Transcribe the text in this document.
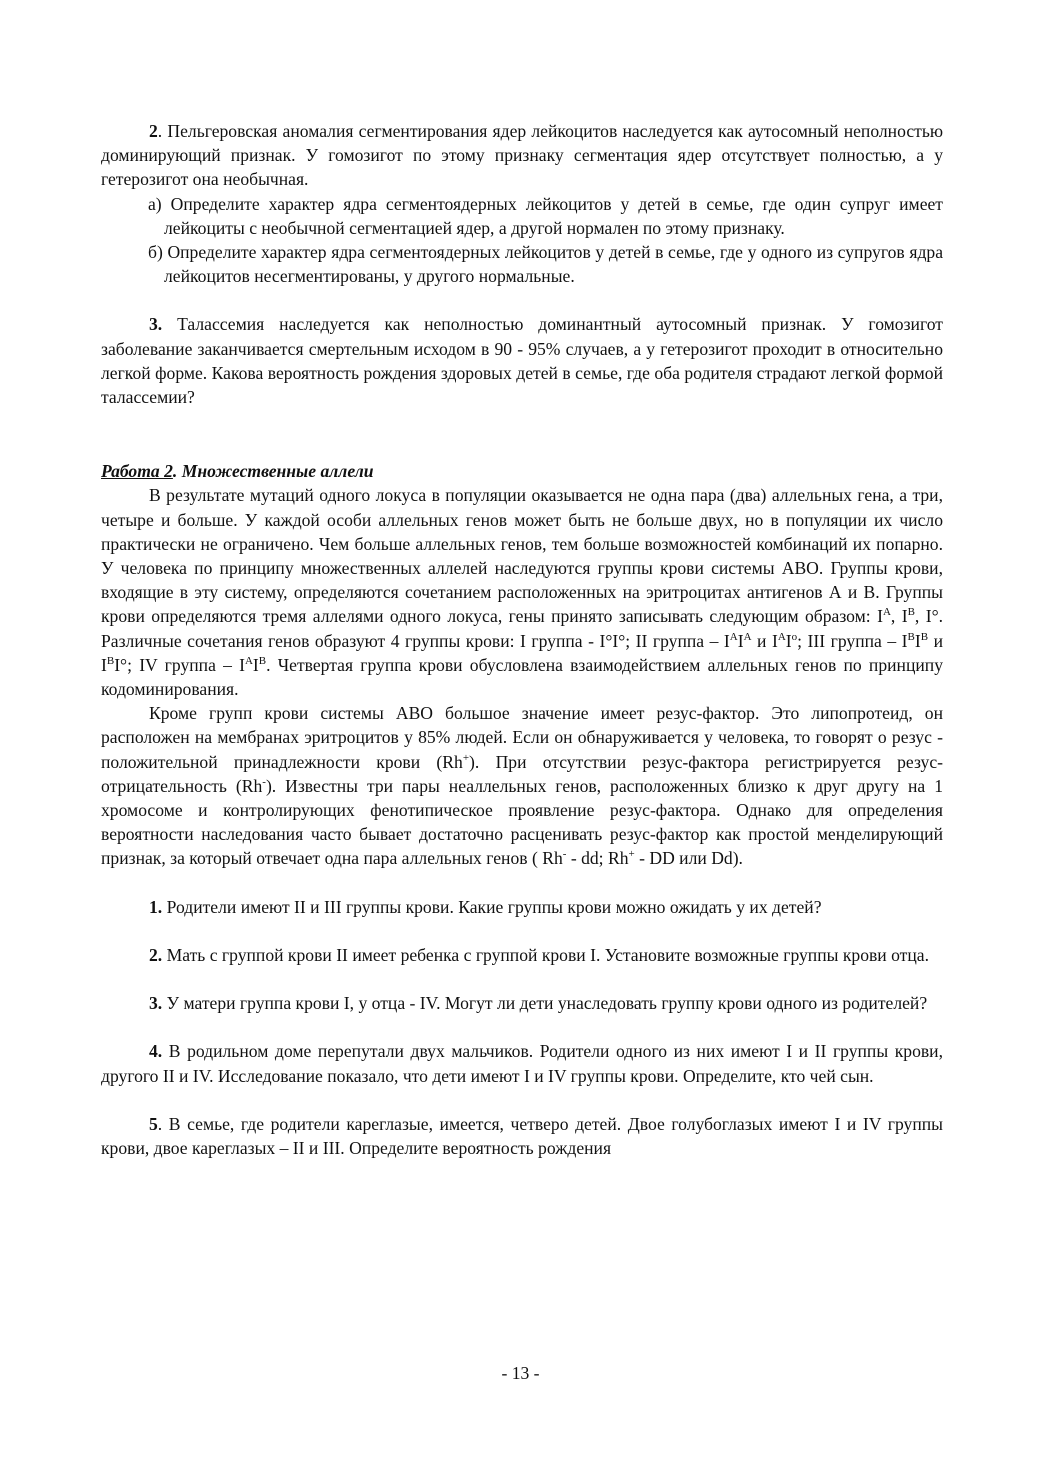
2. Пельгеровская аномалия сегментирования ядер лейкоцитов наследуется как аутосомный неполностью доминирующий признак. У гомозигот по этому признаку сегментация ядер отсутствует полностью, а у гетерозигот она необычная.

а) Определите характер ядра сегментоядерных лейкоцитов у детей в семье, где один супруг имеет лейкоциты с необычной сегментацией ядер, а другой нормален по этому признаку.

б) Определите характер ядра сегментоядерных лейкоцитов у детей в семье, где у одного из супругов ядра лейкоцитов несегментированы, у другого нормальные.

3. Талассемия наследуется как неполностью доминантный аутосомный признак. У гомозигот заболевание заканчивается смертельным исходом в 90 - 95% случаев, а у гетерозигот проходит в относительно легкой форме. Какова вероятность рождения здоровых детей в семье, где оба родителя страдают легкой формой талассемии?

Работа 2. Множественные аллели

В результате мутаций одного локуса в популяции оказывается не одна пара (два) аллельных гена, а три, четыре и больше. У каждой особи аллельных генов может быть не больше двух, но в популяции их число практически не ограничено. Чем больше аллельных генов, тем больше возможностей комбинаций их попарно. У человека по принципу множественных аллелей наследуются группы крови системы АВО. Группы крови, входящие в эту систему, определяются сочетанием расположенных на эритроцитах антигенов А и В. Группы крови определяются тремя аллелями одного локуса, гены принято записывать следующим образом: $I^A$, $I^B$, I°. Различные сочетания генов образуют 4 группы крови: I группа - I°I°; II группа – $I^AI^A$ и $I^AI^o$; III группа – $I^BI^B$ и $I^BI^\circ$; IV группа – $I^AI^B$. Четвертая группа крови обусловлена взаимодействием аллельных генов по принципу кодоминирования.

Кроме групп крови системы АВО большое значение имеет резус-фактор. Это липопротеид, он расположен на мембранах эритроцитов у 85% людей. Если он обнаруживается у человека, то говорят о резус - положительной принадлежности крови (Rh+). При отсутствии резус-фактора регистрируется резус-отрицательность (Rh-). Известны три пары неаллельных генов, расположенных близко к друг другу на 1 хромосоме и контролирующих фенотипическое проявление резус-фактора. Однако для определения вероятности наследования часто бывает достаточно расценивать резус-фактор как простой менделирующий признак, за который отвечает одна пара аллельных генов ( Rh- - dd; Rh+ - DD или Dd).

1. Родители имеют II и III группы крови. Какие группы крови можно ожидать у их детей?

2. Мать с группой крови II имеет ребенка с группой крови I. Установите возможные группы крови отца.

3. У матери группа крови I, у отца - IV. Могут ли дети унаследовать группу крови одного из родителей?

4. В родильном доме перепутали двух мальчиков. Родители одного из них имеют I и II группы крови, другого II и IV. Исследование показало, что дети имеют I и IV группы крови. Определите, кто чей сын.

5. В семье, где родители кареглазые, имеется, четверо детей. Двое голубоглазых имеют I и IV группы крови, двое кареглазых – II и III. Определите вероятность рождения

- 13 -
